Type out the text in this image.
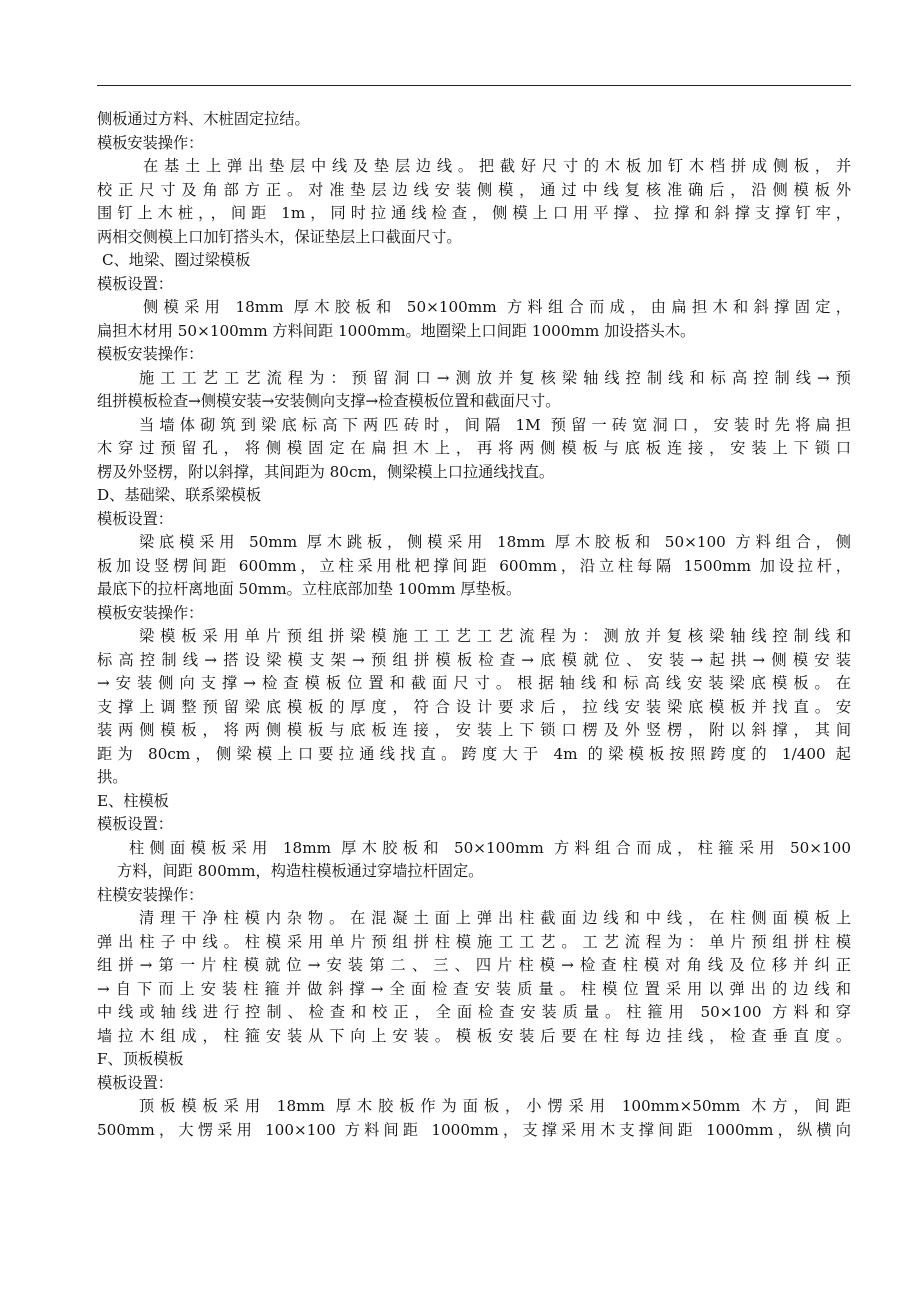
侧板通过方料、木桩固定拉结。
模板安装操作：
在基土上弹出垫层中线及垫层边线。把截好尺寸的木板加钉木档拼成侧板，并
校正尺寸及角部方正。对准垫层边线安装侧模，通过中线复核准确后，沿侧模板外
围钉上木桩，，间距 1m，同时拉通线检查，侧模上口用平撑、拉撑和斜撑支撑钉牢，
两相交侧模上口加钉搭头木，保证垫层上口截面尺寸。
C、地梁、圈过梁模板
模板设置：
侧模采用 18mm 厚木胶板和 50×100mm 方料组合而成，由扁担木和斜撑固定，
扁担木材用 50×100mm 方料间距 1000mm。地圈梁上口间距 1000mm 加设搭头木。
模板安装操作：
施工工艺工艺流程为：预留洞口→测放并复核梁轴线控制线和标高控制线→预
组拼模板检查→侧模安装→安装侧向支撑→检查模板位置和截面尺寸。
当墙体砌筑到梁底标高下两匹砖时，间隔 1M 预留一砖宽洞口，安装时先将扁担
木穿过预留孔，将侧模固定在扁担木上，再将两侧模板与底板连接，安装上下锁口
楞及外竖楞，附以斜撑，其间距为 80cm，侧梁模上口拉通线找直。
D、基础梁、联系梁模板
模板设置：
梁底模采用 50mm 厚木跳板，侧模采用 18mm 厚木胶板和 50×100 方料组合，侧
板加设竖楞间距 600mm，立柱采用枇杷撑间距 600mm，沿立柱每隔 1500mm 加设拉杆，
最底下的拉杆离地面 50mm。立柱底部加垫 100mm 厚垫板。
模板安装操作：
梁模板采用单片预组拼梁模施工工艺工艺流程为：测放并复核梁轴线控制线和
标高控制线→搭设梁模支架→预组拼模板检查→底模就位、安装→起拱→侧模安装
→安装侧向支撑→检查模板位置和截面尺寸。根据轴线和标高线安装梁底模板。在
支撑上调整预留梁底模板的厚度，符合设计要求后，拉线安装梁底模板并找直。安
装两侧模板，将两侧模板与底板连接，安装上下锁口楞及外竖楞，附以斜撑，其间
距为 80cm，侧梁模上口要拉通线找直。跨度大于 4m 的梁模板按照跨度的 1/400 起
拱。
E、柱模板
模板设置：
柱侧面模板采用 18mm 厚木胶板和 50×100mm 方料组合而成，柱箍采用 50×100
方料，间距 800mm，构造柱模板通过穿墙拉杆固定。
柱模安装操作：
清理干净柱模内杂物。在混凝土面上弹出柱截面边线和中线，在柱侧面模板上
弹出柱子中线。柱模采用单片预组拼柱模施工工艺。工艺流程为：单片预组拼柱模
组拼→第一片柱模就位→安装第二、三、四片柱模→检查柱模对角线及位移并纠正
→自下而上安装柱箍并做斜撑→全面检查安装质量。柱模位置采用以弹出的边线和
中线或轴线进行控制、检查和校正，全面检查安装质量。柱箍用 50×100 方料和穿
墙拉木组成，柱箍安装从下向上安装。模板安装后要在柱每边挂线，检查垂直度。
F、顶板模板
模板设置：
顶板模板采用 18mm 厚木胶板作为面板，小愣采用 100mm×50mm 木方，间距
500mm，大愣采用 100×100 方料间距 1000mm，支撑采用木支撑间距 1000mm，纵横向
